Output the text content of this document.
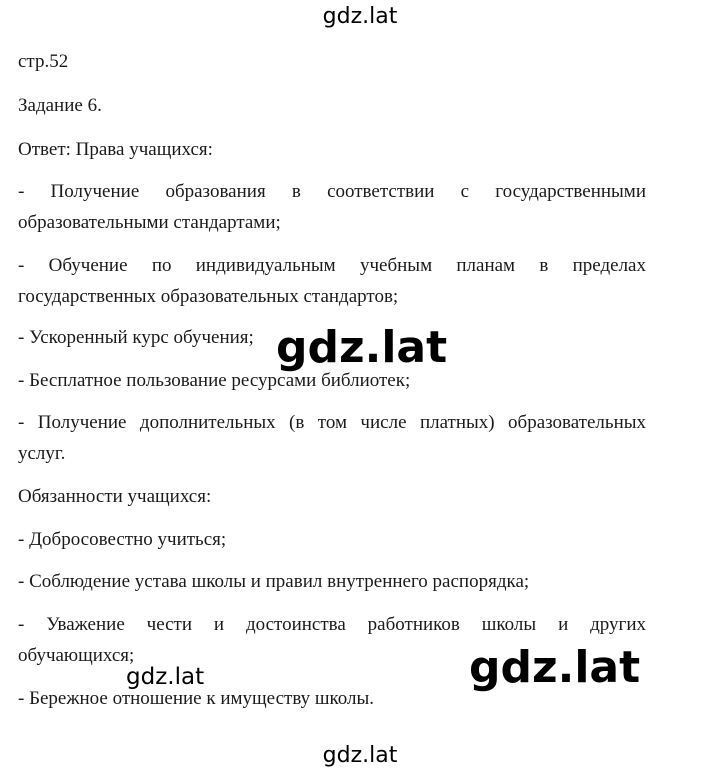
gdz.lat
стр.52
Задание 6.
Ответ: Права учащихся:
- Получение образования в соответствии с государственными
образовательными стандартами;
- Обучение по индивидуальным учебным планам в пределах
государственных образовательных стандартов;
- Ускоренный курс обучения;
- Бесплатное пользование ресурсами библиотек;
- Получение дополнительных (в том числе платных) образовательных
услуг.
Обязанности учащихся:
- Добросовестно учиться;
- Соблюдение устава школы и правил внутреннего распорядка;
- Уважение чести и достоинства работников школы и других
обучающихся;
- Бережное отношение к имуществу школы.
gdz.lat
gdz.lat	gdz.lat
gdz.lat
